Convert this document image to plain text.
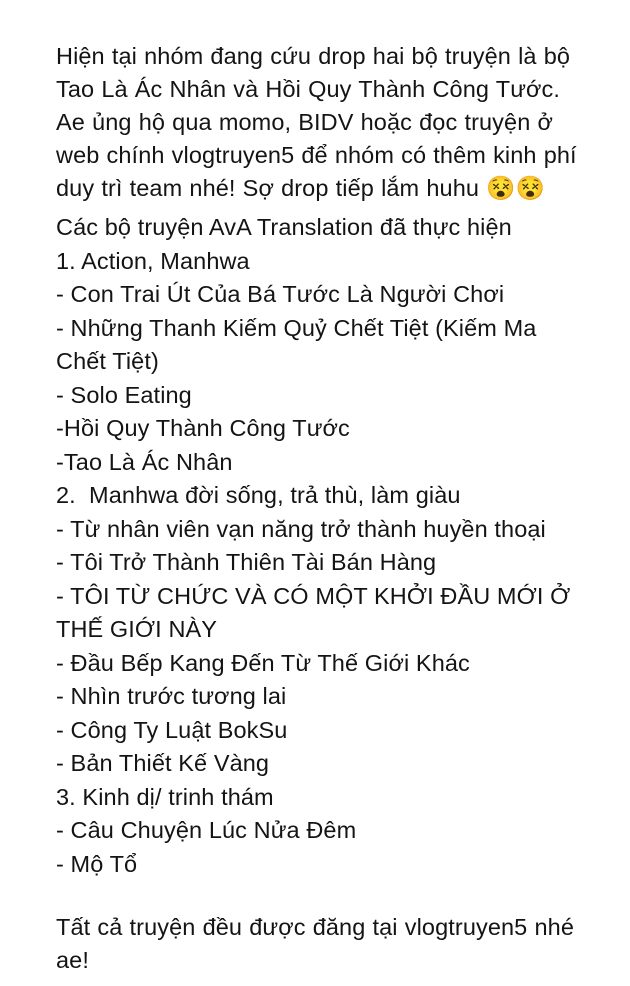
Hiện tại nhóm đang cứu drop hai bộ truyện là bộ Tao Là Ác Nhân và Hồi Quy Thành Công Tước. Ae ủng hộ qua momo, BIDV hoặc đọc truyện ở web chính vlogtruyen5 để nhóm có thêm kinh phí duy trì team nhé! Sợ drop tiếp lắm huhu 😵😵

Các bộ truyện AvA Translation đã thực hiện

1. Action, Manhwa

- Con Trai Út Của Bá Tước Là Người Chơi

- Những Thanh Kiếm Quỷ Chết Tiệt (Kiếm Ma Chết Tiệt)

- Solo Eating

-Hồi Quy Thành Công Tước

-Tao Là Ác Nhân

2.  Manhwa đời sống, trả thù, làm giàu

- Từ nhân viên vạn năng trở thành huyền thoại

- Tôi Trở Thành Thiên Tài Bán Hàng

- TÔI TỪ CHỨC VÀ CÓ MỘT KHỞI ĐẦU MỚI Ở THẾ GIỚI NÀY

- Đầu Bếp Kang Đến Từ Thế Giới Khác

- Nhìn trước tương lai

- Công Ty Luật BokSu

- Bản Thiết Kế Vàng

3. Kinh dị/ trinh thám

- Câu Chuyện Lúc Nửa Đêm

- Mộ Tổ

Tất cả truyện đều được đăng tại vlogtruyen5 nhé ae!
